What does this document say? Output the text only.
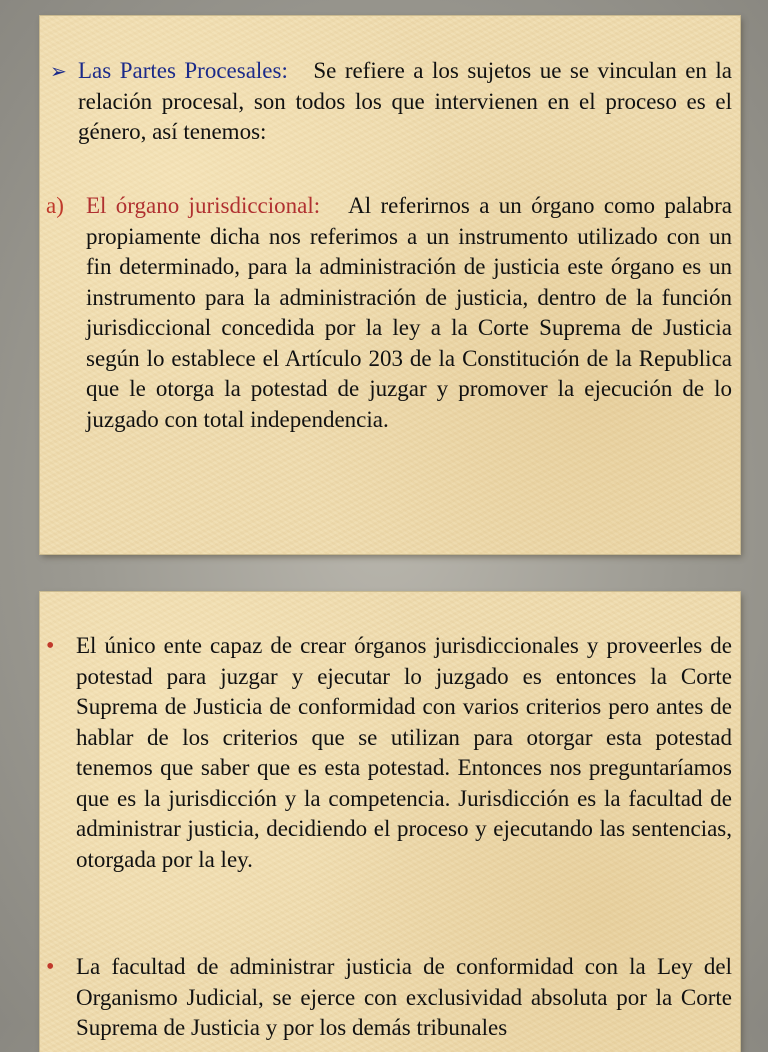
➢ Las Partes Procesales: Se refiere a los sujetos ue se vinculan en la relación procesal, son todos los que intervienen en el proceso es el género, así tenemos:
a) El órgano jurisdiccional: Al referirnos a un órgano como palabra propiamente dicha nos referimos a un instrumento utilizado con un fin determinado, para la administración de justicia este órgano es un instrumento para la administración de justicia, dentro de la función jurisdiccional concedida por la ley a la Corte Suprema de Justicia según lo establece el Artículo 203 de la Constitución de la Republica que le otorga la potestad de juzgar y promover la ejecución de lo juzgado con total independencia.
• El único ente capaz de crear órganos jurisdiccionales y proveerles de potestad para juzgar y ejecutar lo juzgado es entonces la Corte Suprema de Justicia de conformidad con varios criterios pero antes de hablar de los criterios que se utilizan para otorgar esta potestad tenemos que saber que es esta potestad. Entonces nos preguntaríamos que es la jurisdicción y la competencia. Jurisdicción es la facultad de administrar justicia, decidiendo el proceso y ejecutando las sentencias, otorgada por la ley.
• La facultad de administrar justicia de conformidad con la Ley del Organismo Judicial, se ejerce con exclusividad absoluta por la Corte Suprema de Justicia y por los demás tribunales
